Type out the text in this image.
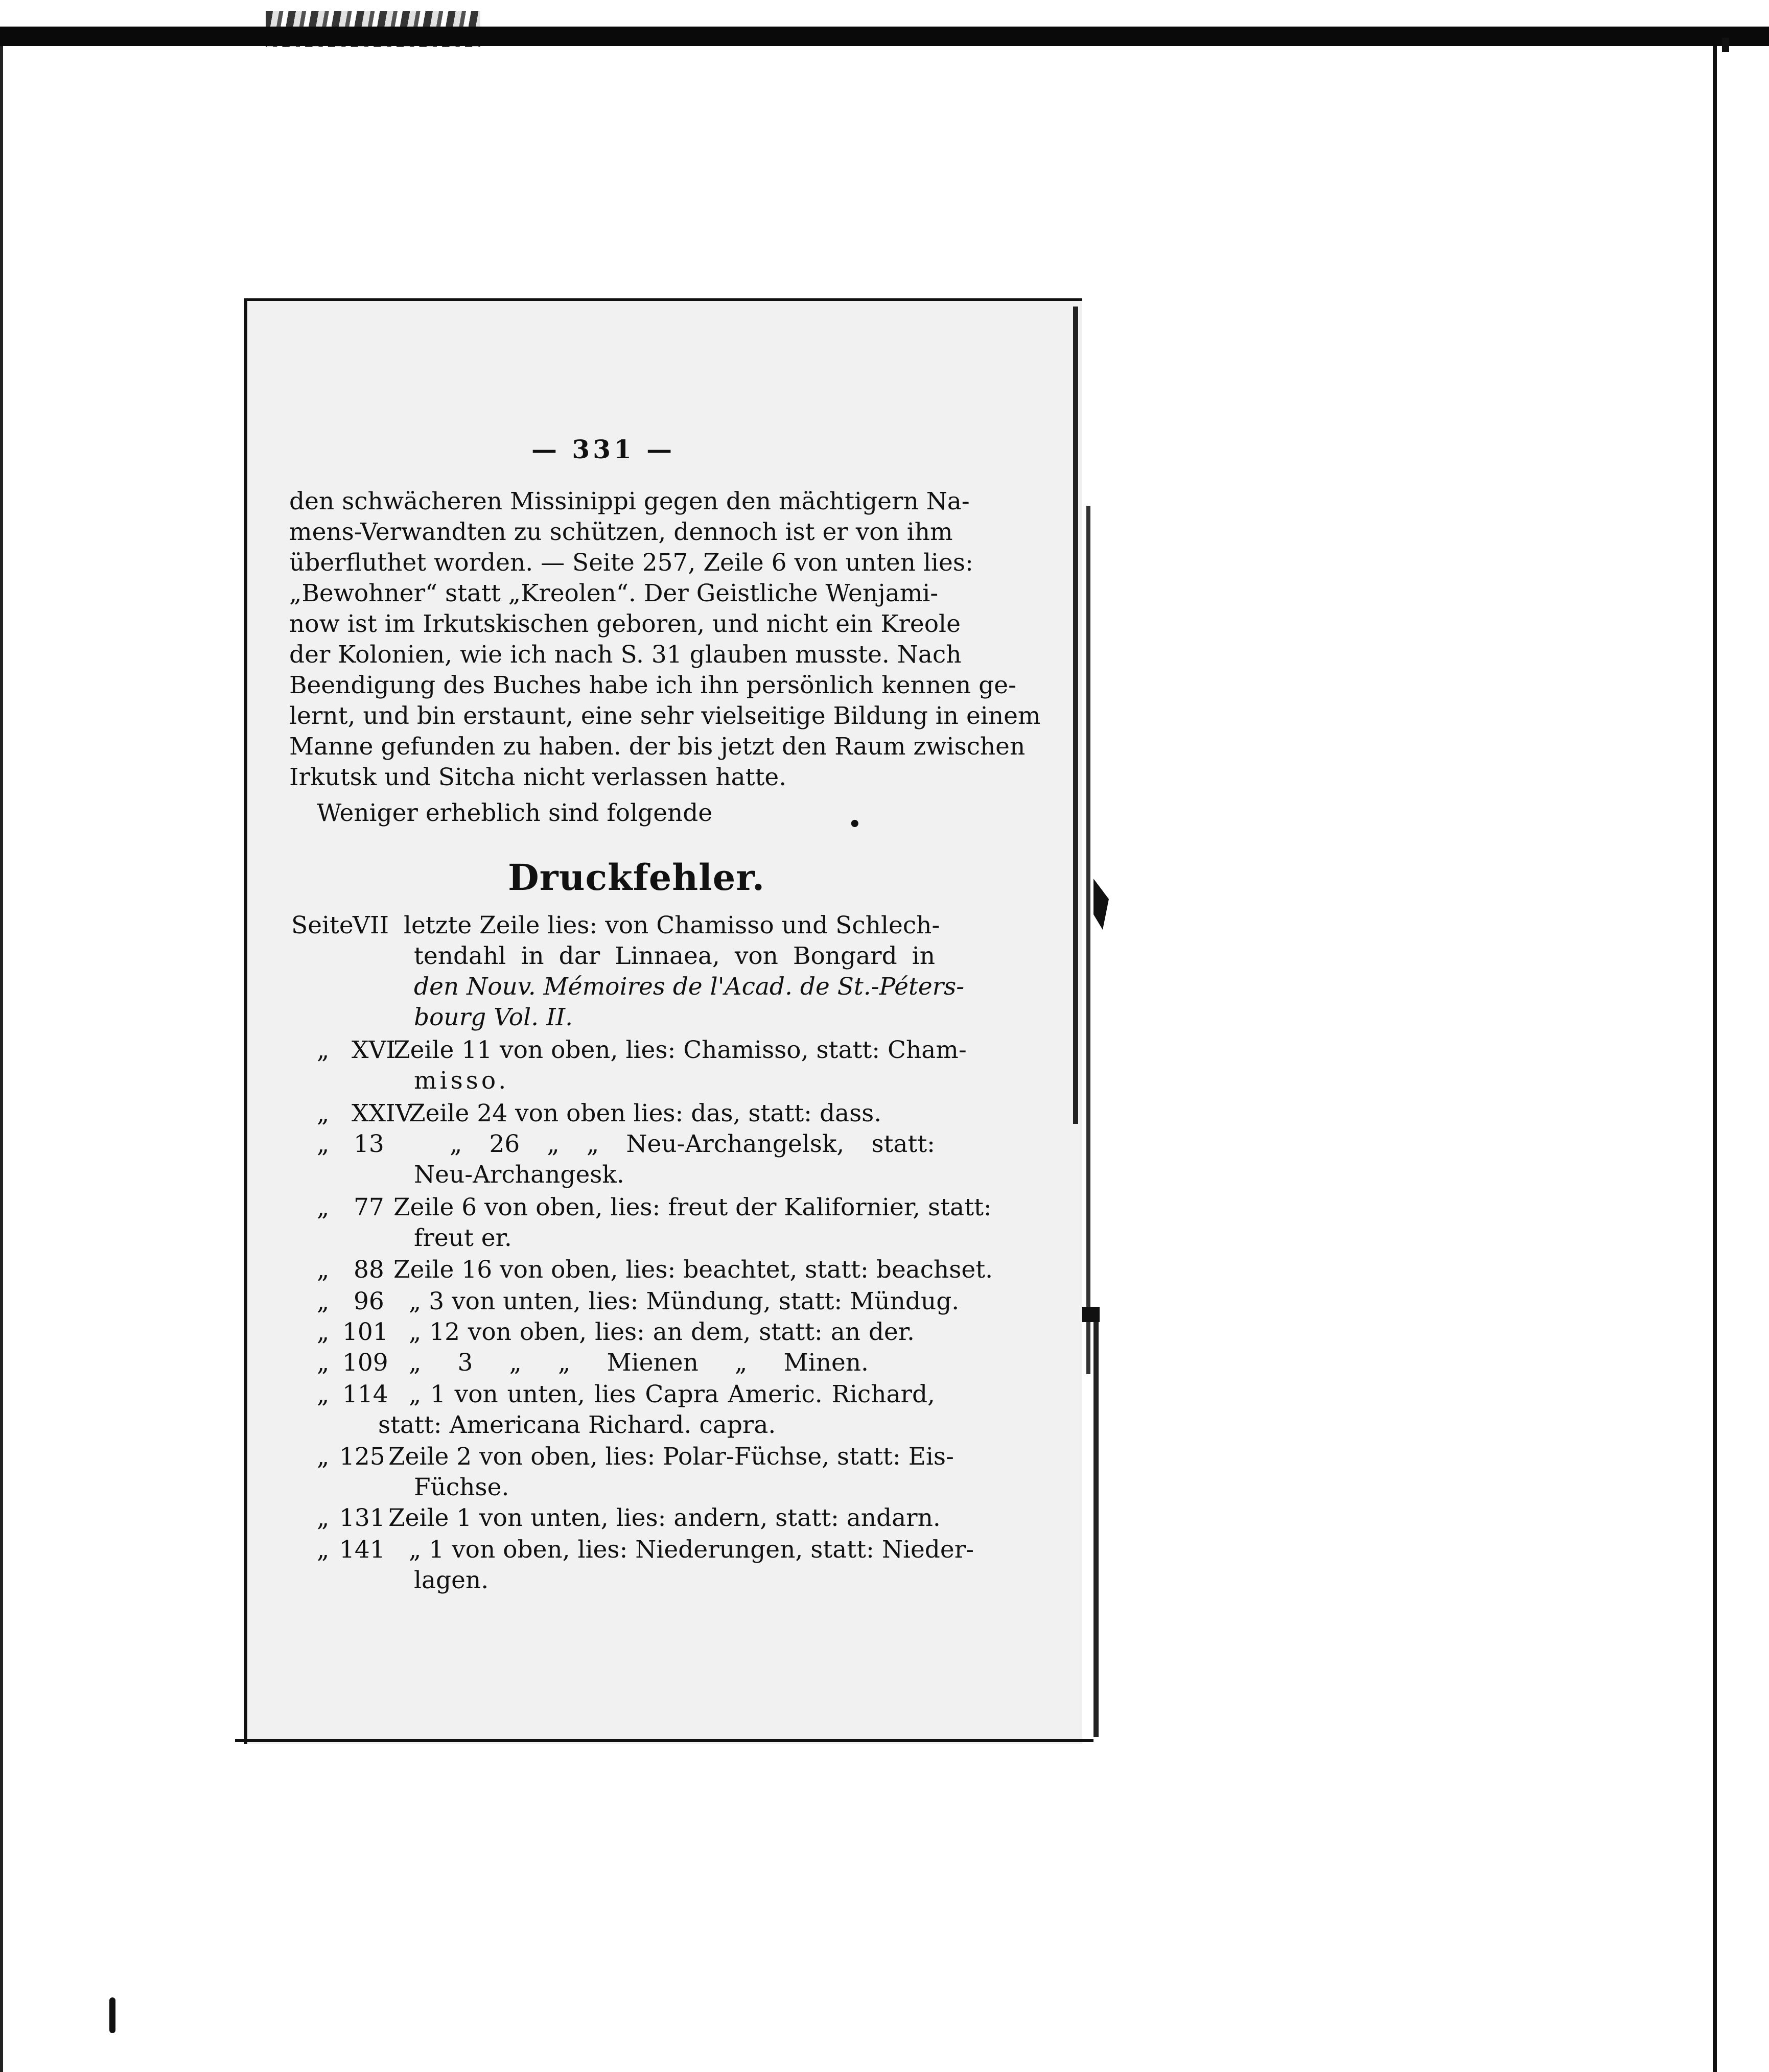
— 331 —
den schwächeren Missinippi gegen den mächtigern Na-
mens-Verwandten zu schützen, dennoch ist er von ihm
überfluthet worden. — Seite 257, Zeile 6 von unten lies:
„Bewohner“ statt „Kreolen“. Der Geistliche Wenjami-
now ist im Irkutskischen geboren, und nicht ein Kreole
der Kolonien, wie ich nach S. 31 glauben musste. Nach
Beendigung des Buches habe ich ihn persönlich kennen ge-
lernt, und bin erstaunt, eine sehr vielseitige Bildung in einem
Manne gefunden zu haben. der bis jetzt den Raum zwischen
Irkutsk und Sitcha nicht verlassen hatte.
Weniger erheblich sind folgende	•
Druckfehler.
Seite
VII letzte Zeile lies: von Chamisso und Schlech-
tendahl in dar Linnaea, von Bongard in
den Nouv. Mémoires de l'Acad. de St.-Péters-
bourg Vol. II.
„ XVI
Zeile 11 von oben, lies: Chamisso, statt: Cham-
misso.
„ XXIV
Zeile 24 von oben lies: das, statt: dass.
„ 13	„ 26 „ „ Neu-Archangelsk, statt:
Neu-Archangesk.
„ 77 Zeile 6 von oben, lies: freut der Kalifornier, statt:
freut er.
„ 88 Zeile 16 von oben, lies: beachtet, statt: beachset.
„ 96 „ 3 von unten, lies: Mündung, statt: Mündug.
„ 101 „ 12 von oben, lies: an dem, statt: an der.
„ 109 „ 3 „ „ Mienen „ Minen.
„ 114 „ 1 von unten, lies Capra Americ. Richard,
statt: Americana Richard. capra.
„ 125 Zeile 2 von oben, lies: Polar-Füchse, statt: Eis-
Füchse.
„ 131 Zeile 1 von unten, lies: andern, statt: andarn.
„ 141 „ 1 von oben, lies: Niederungen, statt: Nieder-
lagen.
